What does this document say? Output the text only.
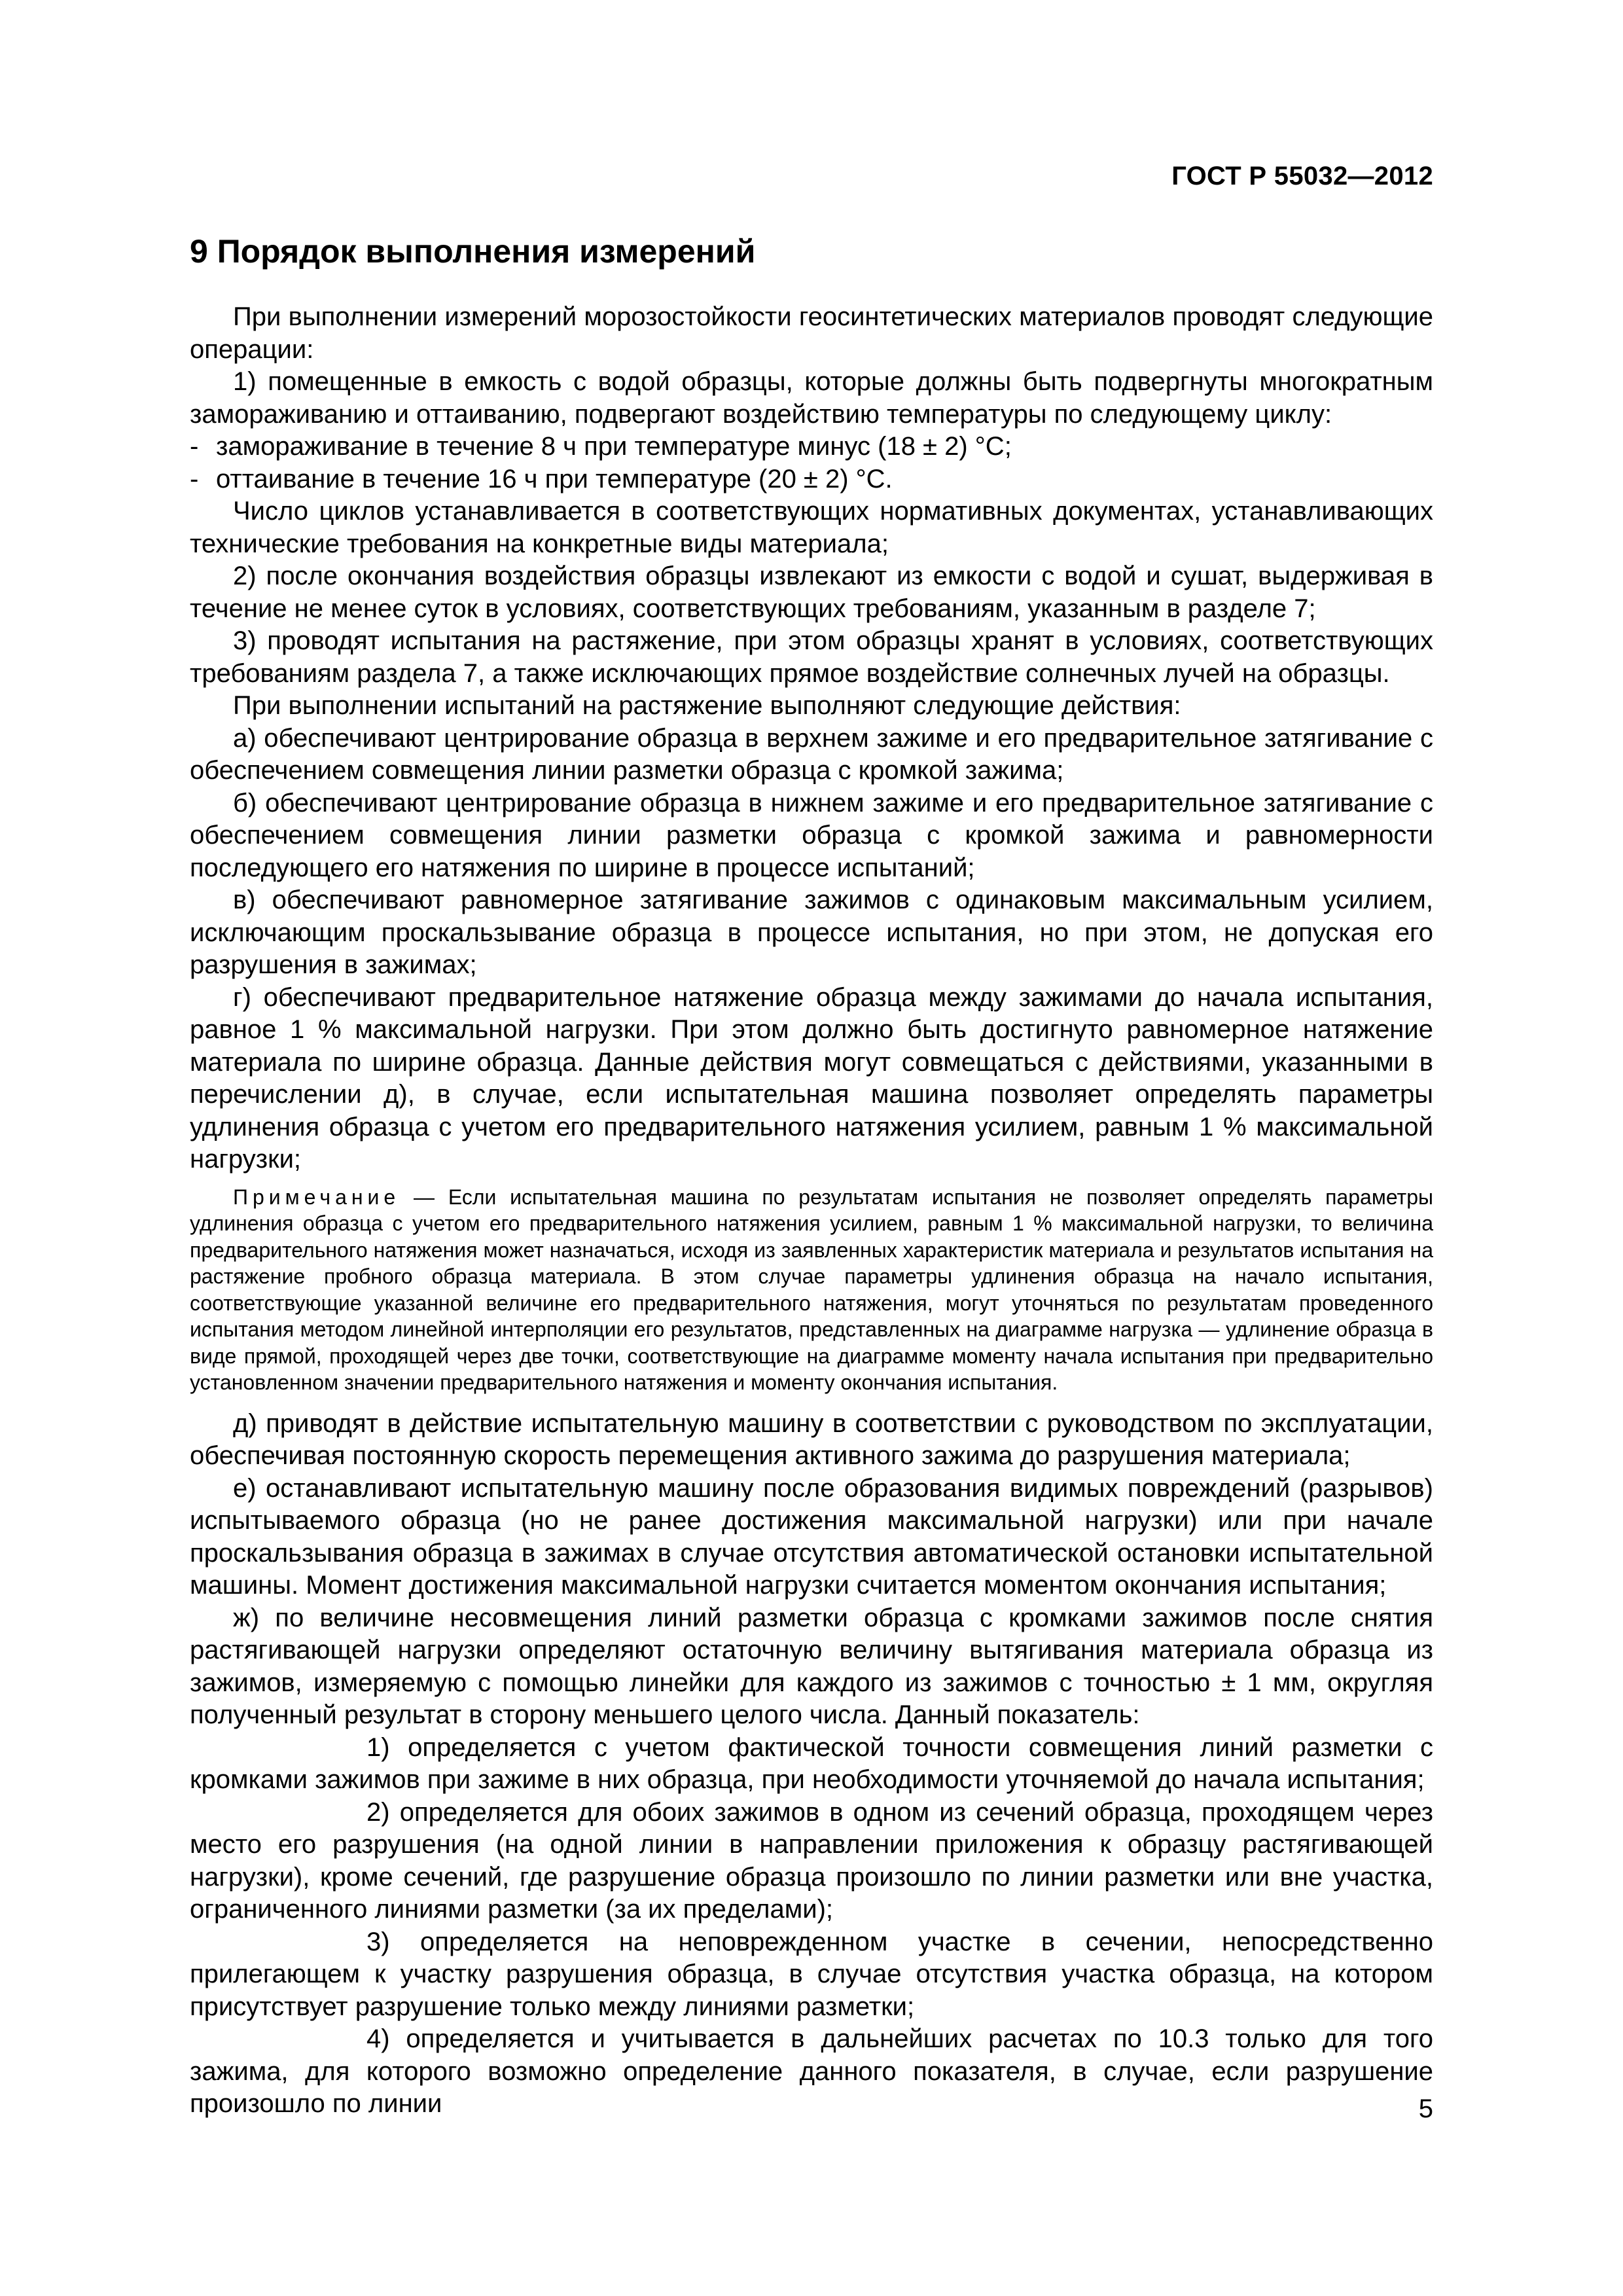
ГОСТ Р 55032—2012
9 Порядок выполнения измерений

При выполнении измерений морозостойкости геосинтетических материалов проводят следующие операции:

1) помещенные в емкость с водой образцы, которые должны быть подвергнуты многократным замораживанию и оттаиванию, подвергают воздействию температуры по следующему циклу:

- замораживание в течение 8 ч при температуре минус (18 ± 2) °С;

- оттаивание в течение 16 ч при температуре (20 ± 2) °С.

Число циклов устанавливается в соответствующих нормативных документах, устанавливающих технические требования на конкретные виды материала;

2) после окончания воздействия образцы извлекают из емкости с водой и сушат, выдерживая в течение не менее суток в условиях, соответствующих требованиям, указанным в разделе 7;

3) проводят испытания на растяжение, при этом образцы хранят в условиях, соответствующих требованиям раздела 7, а также исключающих прямое воздействие солнечных лучей на образцы.

При выполнении испытаний на растяжение выполняют следующие действия:

а) обеспечивают центрирование образца в верхнем зажиме и его предварительное затягивание с обеспечением совмещения линии разметки образца с кромкой зажима;

б) обеспечивают центрирование образца в нижнем зажиме и его предварительное затягивание с обеспечением совмещения линии разметки образца с кромкой зажима и равномерности последующего его натяжения по ширине в процессе испытаний;

в) обеспечивают равномерное затягивание зажимов с одинаковым максимальным усилием, исключающим проскальзывание образца в процессе испытания, но при этом, не допуская его разрушения в зажимах;

г) обеспечивают предварительное натяжение образца между зажимами до начала испытания, равное 1 % максимальной нагрузки. При этом должно быть достигнуто равномерное натяжение материала по ширине образца. Данные действия могут совмещаться с действиями, указанными в перечислении д), в случае, если испытательная машина позволяет определять параметры удлинения образца с учетом его предварительного натяжения усилием, равным 1 % максимальной нагрузки;

Примечание — Если испытательная машина по результатам испытания не позволяет определять параметры удлинения образца с учетом его предварительного натяжения усилием, равным 1 % максимальной нагрузки, то величина предварительного натяжения может назначаться, исходя из заявленных характеристик материала и результатов испытания на растяжение пробного образца материала. В этом случае параметры удлинения образца на начало испытания, соответствующие указанной величине его предварительного натяжения, могут уточняться по результатам проведенного испытания методом линейной интерполяции его результатов, представленных на диаграмме нагрузка — удлинение образца в виде прямой, проходящей через две точки, соответствующие на диаграмме моменту начала испытания при предварительно установленном значении предварительного натяжения и моменту окончания испытания.

д) приводят в действие испытательную машину в соответствии с руководством по эксплуатации, обеспечивая постоянную скорость перемещения активного зажима до разрушения материала;

е) останавливают испытательную машину после образования видимых повреждений (разрывов) испытываемого образца (но не ранее достижения максимальной нагрузки) или при начале проскальзывания образца в зажимах в случае отсутствия автоматической остановки испытательной машины. Момент достижения максимальной нагрузки считается моментом окончания испытания;

ж) по величине несовмещения линий разметки образца с кромками зажимов после снятия растягивающей нагрузки определяют остаточную величину вытягивания материала образца из зажимов, измеряемую с помощью линейки для каждого из зажимов с точностью ± 1 мм, округляя полученный результат в сторону меньшего целого числа. Данный показатель:

1) определяется с учетом фактической точности совмещения линий разметки с кромками зажимов при зажиме в них образца, при необходимости уточняемой до начала испытания;

2) определяется для обоих зажимов в одном из сечений образца, проходящем через место его разрушения (на одной линии в направлении приложения к образцу растягивающей нагрузки), кроме сечений, где разрушение образца произошло по линии разметки или вне участка, ограниченного линиями разметки (за их пределами);

3) определяется на неповрежденном участке в сечении, непосредственно прилегающем к участку разрушения образца, в случае отсутствия участка образца, на котором присутствует разрушение только между линиями разметки;

4) определяется и учитывается в дальнейших расчетах по 10.3 только для того зажима, для которого возможно определение данного показателя, в случае, если разрушение произошло по линии	5
